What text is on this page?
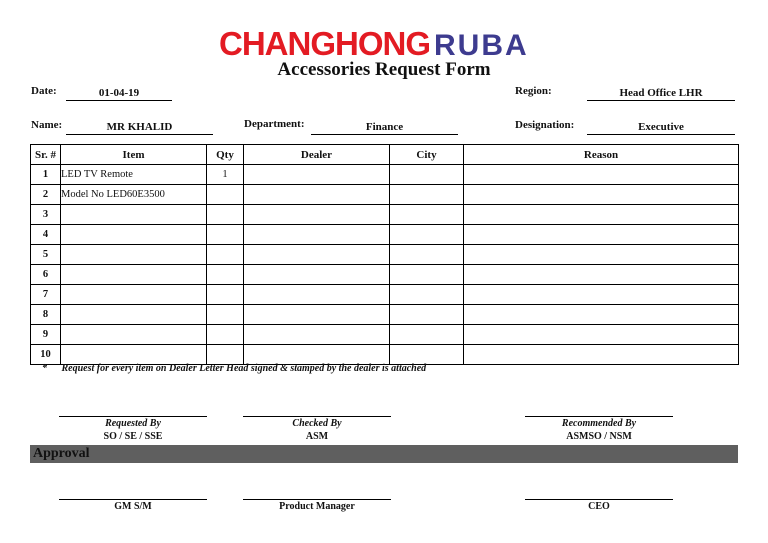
CHANGHONG RUBA
Accessories Request Form
Date:	01-04-19	Region:	Head Office LHR
Name:	MR KHALID	Department:	Finance	Designation:	Executive
Sr. #	Item	Qty	Dealer	City	Reason
1	LED TV Remote	1			
2	Model No LED60E3500				
3					
4					
5					
6					
7					
8					
9					
10					
* Request for every item on Dealer Letter Head signed & stamped by the dealer is attached
Requested By
SO / SE / SSE
Checked By
ASM
Recommended By
ASMSO / NSM
Approval
GM S/M	Product Manager	CEO
